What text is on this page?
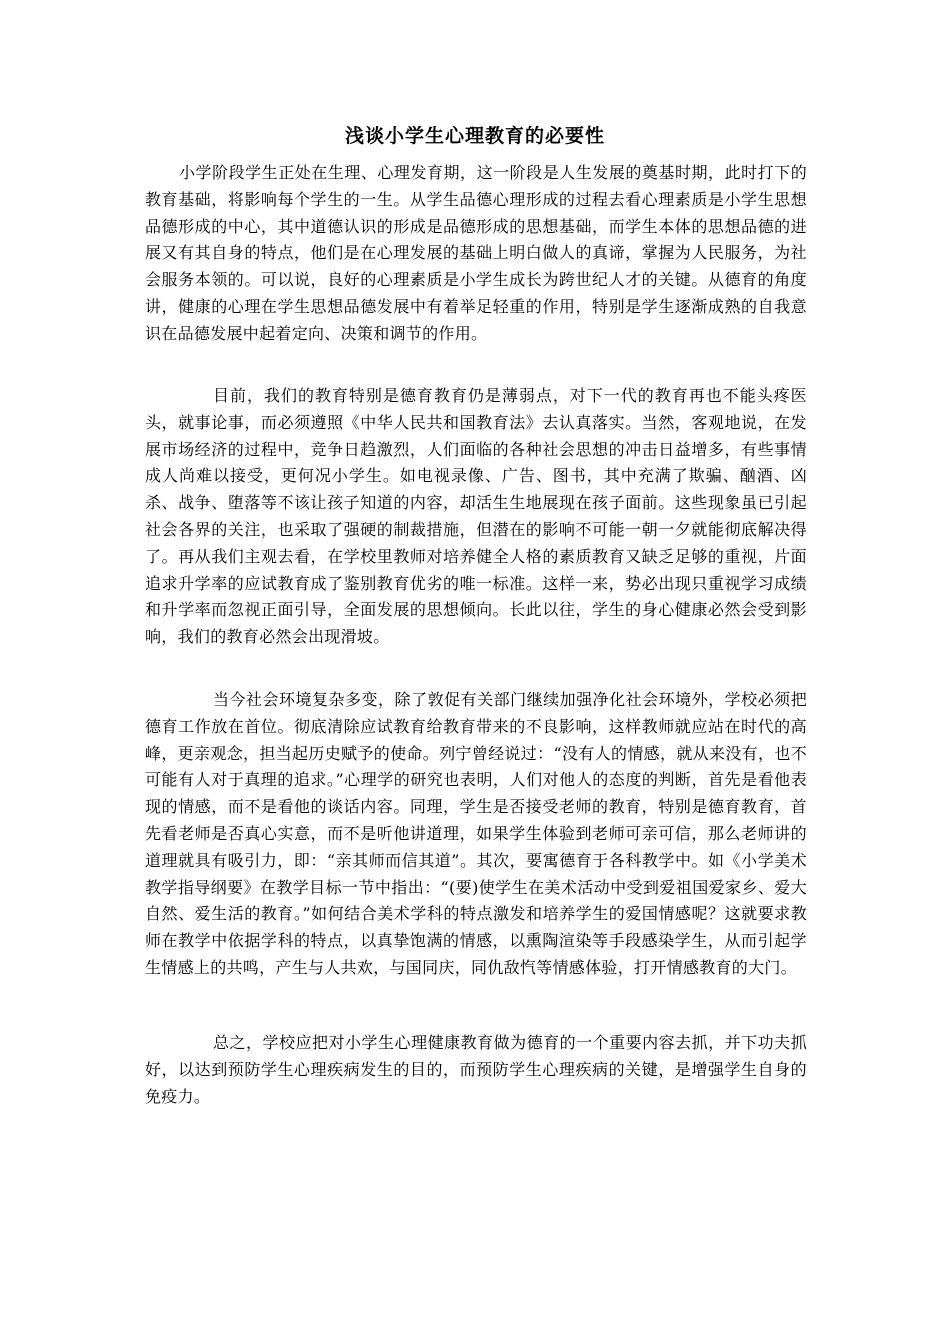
浅谈小学生心理教育的必要性

小学阶段学生正处在生理、心理发育期，这一阶段是人生发展的奠基时期，此时打下的教育基础，将影响每个学生的一生。从学生品德心理形成的过程去看心理素质是小学生思想品德形成的中心，其中道德认识的形成是品德形成的思想基础，而学生本体的思想品德的进展又有其自身的特点，他们是在心理发展的基础上明白做人的真谛，掌握为人民服务，为社会服务本领的。可以说，良好的心理素质是小学生成长为跨世纪人才的关键。从德育的角度讲，健康的心理在学生思想品德发展中有着举足轻重的作用，特别是学生逐渐成熟的自我意识在品德发展中起着定向、决策和调节的作用。

目前，我们的教育特别是德育教育仍是薄弱点，对下一代的教育再也不能头疼医头，就事论事，而必须遵照《中华人民共和国教育法》去认真落实。当然，客观地说，在发展市场经济的过程中，竞争日趋激烈，人们面临的各种社会思想的冲击日益增多，有些事情成人尚难以接受，更何况小学生。如电视录像、广告、图书，其中充满了欺骗、酗酒、凶杀、战争、堕落等不该让孩子知道的内容，却活生生地展现在孩子面前。这些现象虽已引起社会各界的关注，也采取了强硬的制裁措施，但潜在的影响不可能一朝一夕就能彻底解决得了。再从我们主观去看，在学校里教师对培养健全人格的素质教育又缺乏足够的重视，片面追求升学率的应试教育成了鉴别教育优劣的唯一标准。这样一来，势必出现只重视学习成绩和升学率而忽视正面引导，全面发展的思想倾向。长此以往，学生的身心健康必然会受到影响，我们的教育必然会出现滑坡。

当今社会环境复杂多变，除了敦促有关部门继续加强净化社会环境外，学校必须把德育工作放在首位。彻底清除应试教育给教育带来的不良影响，这样教师就应站在时代的高峰，更亲观念，担当起历史赋予的使命。列宁曾经说过：“没有人的情感，就从来没有，也不可能有人对于真理的追求。”心理学的研究也表明，人们对他人的态度的判断，首先是看他表现的情感，而不是看他的谈话内容。同理，学生是否接受老师的教育，特别是德育教育，首先看老师是否真心实意，而不是听他讲道理，如果学生体验到老师可亲可信，那么老师讲的道理就具有吸引力，即：“亲其师而信其道”。其次，要寓德育于各科教学中。如《小学美术教学指导纲要》在教学目标一节中指出：“(要)使学生在美术活动中受到爱祖国爱家乡、爱大自然、爱生活的教育。”如何结合美术学科的特点激发和培养学生的爱国情感呢？这就要求教师在教学中依据学科的特点，以真挚饱满的情感，以熏陶渲染等手段感染学生，从而引起学生情感上的共鸣，产生与人共欢，与国同庆，同仇敌忾等情感体验，打开情感教育的大门。

总之，学校应把对小学生心理健康教育做为德育的一个重要内容去抓，并下功夫抓好，以达到预防学生心理疾病发生的目的，而预防学生心理疾病的关键，是增强学生自身的免疫力。
